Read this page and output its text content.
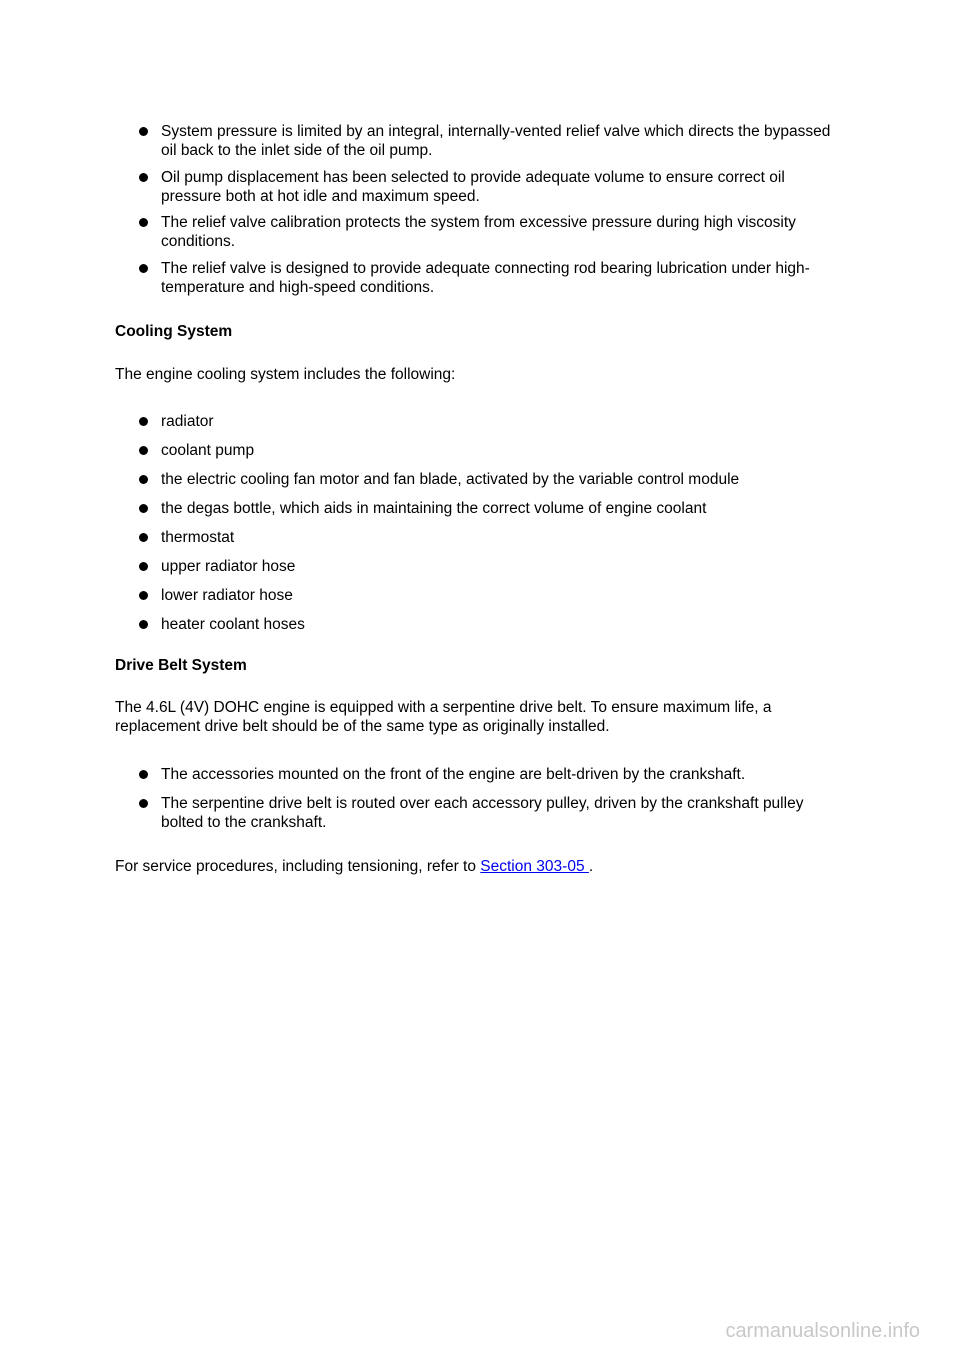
System pressure is limited by an integral, internally-vented relief valve which directs the bypassed oil back to the inlet side of the oil pump.
Oil pump displacement has been selected to provide adequate volume to ensure correct oil pressure both at hot idle and maximum speed.
The relief valve calibration protects the system from excessive pressure during high viscosity conditions.
The relief valve is designed to provide adequate connecting rod bearing lubrication under high-temperature and high-speed conditions.
Cooling System
The engine cooling system includes the following:
radiator
coolant pump
the electric cooling fan motor and fan blade, activated by the variable control module
the degas bottle, which aids in maintaining the correct volume of engine coolant
thermostat
upper radiator hose
lower radiator hose
heater coolant hoses
Drive Belt System
The 4.6L (4V) DOHC engine is equipped with a serpentine drive belt. To ensure maximum life, a replacement drive belt should be of the same type as originally installed.
The accessories mounted on the front of the engine are belt-driven by the crankshaft.
The serpentine drive belt is routed over each accessory pulley, driven by the crankshaft pulley bolted to the crankshaft.
For service procedures, including tensioning, refer to Section 303-05 .
carmanualsonline.info
